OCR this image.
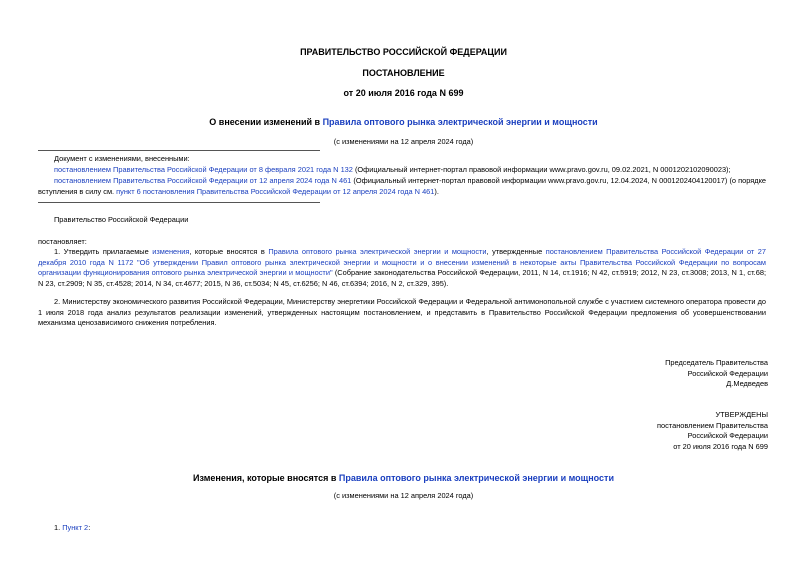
ПРАВИТЕЛЬСТВО РОССИЙСКОЙ ФЕДЕРАЦИИ
ПОСТАНОВЛЕНИЕ
от 20 июля 2016 года N 699
О внесении изменений в Правила оптового рынка электрической энергии и мощности
(с изменениями на 12 апреля 2024 года)
Документ с изменениями, внесенными:
постановлением Правительства Российской Федерации от 8 февраля 2021 года N 132 (Официальный интернет-портал правовой информации www.pravo.gov.ru, 09.02.2021, N 0001202102090023);
постановлением Правительства Российской Федерации от 12 апреля 2024 года N 461 (Официальный интернет-портал правовой информации www.pravo.gov.ru, 12.04.2024, N 0001202404120017) (о порядке вступления в силу см. пункт 6 постановления Правительства Российской Федерации от 12 апреля 2024 года N 461).
Правительство Российской Федерации
постановляет:
1. Утвердить прилагаемые изменения, которые вносятся в Правила оптового рынка электрической энергии и мощности, утвержденные постановлением Правительства Российской Федерации от 27 декабря 2010 года N 1172 "Об утверждении Правил оптового рынка электрической энергии и мощности и о внесении изменений в некоторые акты Правительства Российской Федерации по вопросам организации функционирования оптового рынка электрической энергии и мощности" (Собрание законодательства Российской Федерации, 2011, N 14, ст.1916; N 42, ст.5919; 2012, N 23, ст.3008; 2013, N 1, ст.68; N 23, ст.2909; N 35, ст.4528; 2014, N 34, ст.4677; 2015, N 36, ст.5034; N 45, ст.6256; N 46, ст.6394; 2016, N 2, ст.329, 395).
2. Министерству экономического развития Российской Федерации, Министерству энергетики Российской Федерации и Федеральной антимонопольной службе с участием системного оператора провести до 1 июля 2018 года анализ результатов реализации изменений, утвержденных настоящим постановлением, и представить в Правительство Российской Федерации предложения об усовершенствовании механизма ценозависимого снижения потребления.
Председатель Правительства
Российской Федерации
Д.Медведев
УТВЕРЖДЕНЫ
постановлением Правительства
Российской Федерации
от 20 июля 2016 года N 699
Изменения, которые вносятся в Правила оптового рынка электрической энергии и мощности
(с изменениями на 12 апреля 2024 года)
1. Пункт 2:
